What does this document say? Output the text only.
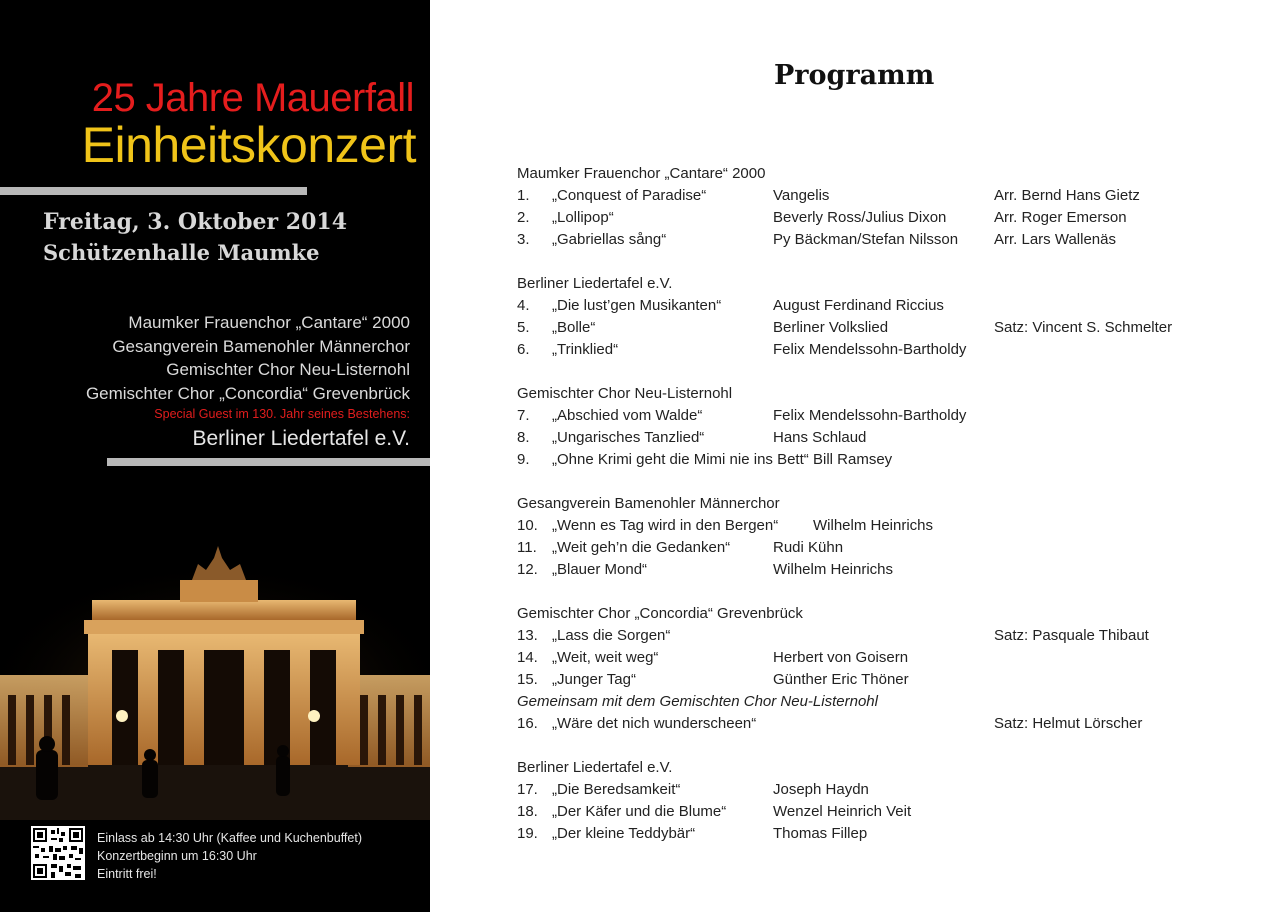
25 Jahre Mauerfall
Einheitskonzert
Freitag, 3. Oktober 2014
Schützenhalle Maumke
Maumker Frauenchor „Cantare“ 2000
Gesangverein Bamenohler Männerchor
Gemischter Chor Neu-Listernohl
Gemischter Chor „Concordia“ Grevenbrück
Special Guest im 130. Jahr seines Bestehens:
Berliner Liedertafel e.V.
Einlass ab 14:30 Uhr (Kaffee und Kuchenbuffet)
Konzertbeginn um 16:30 Uhr
Eintritt frei!
Programm
Maumker Frauenchor „Cantare“ 2000
1. „Conquest of Paradise“	Vangelis	Arr. Bernd Hans Gietz
2. „Lollipop“	Beverly Ross/Julius Dixon	Arr. Roger Emerson
3. „Gabriellas sång“	Py Bäckman/Stefan Nilsson Arr. Lars Wallenäs
Berliner Liedertafel e.V.
4. „Die lust’gen Musikanten“	August Ferdinand Riccius
5. „Bolle“	Berliner Volkslied	Satz: Vincent S. Schmelter
6. „Trinklied“	Felix Mendelssohn-Bartholdy
Gemischter Chor Neu-Listernohl
7. „Abschied vom Walde“	Felix Mendelssohn-Bartholdy
8. „Ungarisches Tanzlied“	Hans Schlaud
9. „Ohne Krimi geht die Mimi nie ins Bett“ Bill Ramsey
Gesangverein Bamenohler Männerchor
10. „Wenn es Tag wird in den Bergen“ Wilhelm Heinrichs
11. „Weit geh’n die Gedanken“	Rudi Kühn
12. „Blauer Mond“	Wilhelm Heinrichs
Gemischter Chor „Concordia“ Grevenbrück
13. „Lass die Sorgen“	Satz: Pasquale Thibaut
14. „Weit, weit weg“	Herbert von Goisern
15. „Junger Tag“	Günther Eric Thöner
Gemeinsam mit dem Gemischten Chor Neu-Listernohl
16. „Wäre det nich wunderscheen“	Satz: Helmut Lörscher
Berliner Liedertafel e.V.
17. „Die Beredsamkeit“	Joseph Haydn
18. „Der Käfer und die Blume“	Wenzel Heinrich Veit
19. „Der kleine Teddybär“	Thomas Fillep
